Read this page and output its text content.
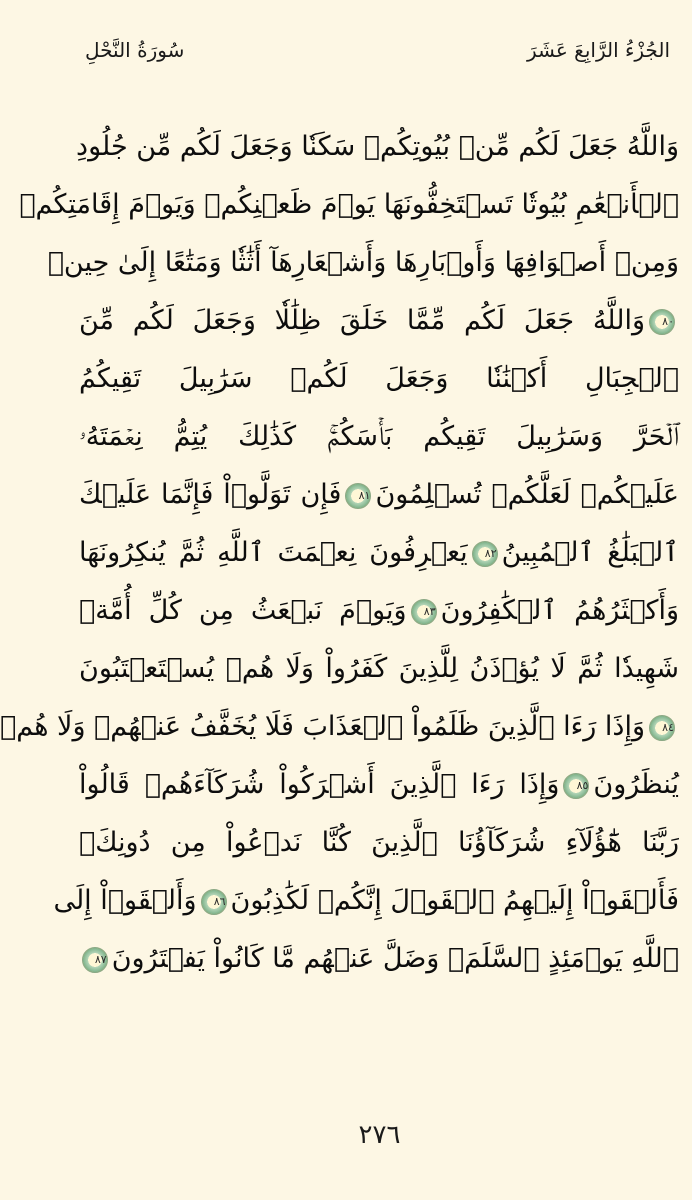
الجُزْءُ الرَّابِعَ عَشَرَ
سُورَةُ النَّحْلِ
وَاللَّهُ جَعَلَ لَكُم مِّنۢ بُيُوتِكُمۡ سَكَنٗا وَجَعَلَ لَكُم مِّن جُلُودِ
ٱلۡأَنۡعَٰمِ بُيُوتٗا تَسۡتَخِفُّونَهَا يَوۡمَ ظَعۡنِكُمۡ وَيَوۡمَ إِقَامَتِكُمۡ
وَمِنۡ أَصۡوَافِهَا وَأَوۡبَارِهَا وَأَشۡعَارِهَآ أَثَٰثٗا وَمَتَٰعًا إِلَىٰ حِينٖ
٨٠وَاللَّهُ جَعَلَ لَكُم مِّمَّا خَلَقَ ظِلَٰلٗا وَجَعَلَ لَكُم مِّنَ
ٱلۡجِبَالِ أَكۡنَٰنٗا وَجَعَلَ لَكُمۡ سَرَٰبِيلَ تَقِيكُمُ
ٱلۡحَرَّ وَسَرَٰبِيلَ تَقِيكُم بَأۡسَكُمۡۚ كَذَٰلِكَ يُتِمُّ نِعۡمَتَهُۥ
عَلَيۡكُمۡ لَعَلَّكُمۡ تُسۡلِمُونَ٨١فَإِن تَوَلَّوۡاْ فَإِنَّمَا عَلَيۡكَ
ٱلۡبَلَٰغُ ٱلۡمُبِينُ٨٢يَعۡرِفُونَ نِعۡمَتَ ٱللَّهِ ثُمَّ يُنكِرُونَهَا
وَأَكۡثَرُهُمُ ٱلۡكَٰفِرُونَ٨٣وَيَوۡمَ نَبۡعَثُ مِن كُلِّ أُمَّةٖ
شَهِيدٗا ثُمَّ لَا يُؤۡذَنُ لِلَّذِينَ كَفَرُواْ وَلَا هُمۡ يُسۡتَعۡتَبُونَ
٨٤وَإِذَا رَءَا ٱلَّذِينَ ظَلَمُواْ ٱلۡعَذَابَ فَلَا يُخَفَّفُ عَنۡهُمۡ وَلَا هُمۡ
يُنظَرُونَ٨٥وَإِذَا رَءَا ٱلَّذِينَ أَشۡرَكُواْ شُرَكَآءَهُمۡ قَالُواْ
رَبَّنَا هَٰٓؤُلَآءِ شُرَكَآؤُنَا ٱلَّذِينَ كُنَّا نَدۡعُواْ مِن دُونِكَۖ
فَأَلۡقَوۡاْ إِلَيۡهِمُ ٱلۡقَوۡلَ إِنَّكُمۡ لَكَٰذِبُونَ٨٦وَأَلۡقَوۡاْ إِلَى
ٱللَّهِ يَوۡمَئِذٍ ٱلسَّلَمَۖ وَضَلَّ عَنۡهُم مَّا كَانُواْ يَفۡتَرُونَ٨٧
٢٧٦
